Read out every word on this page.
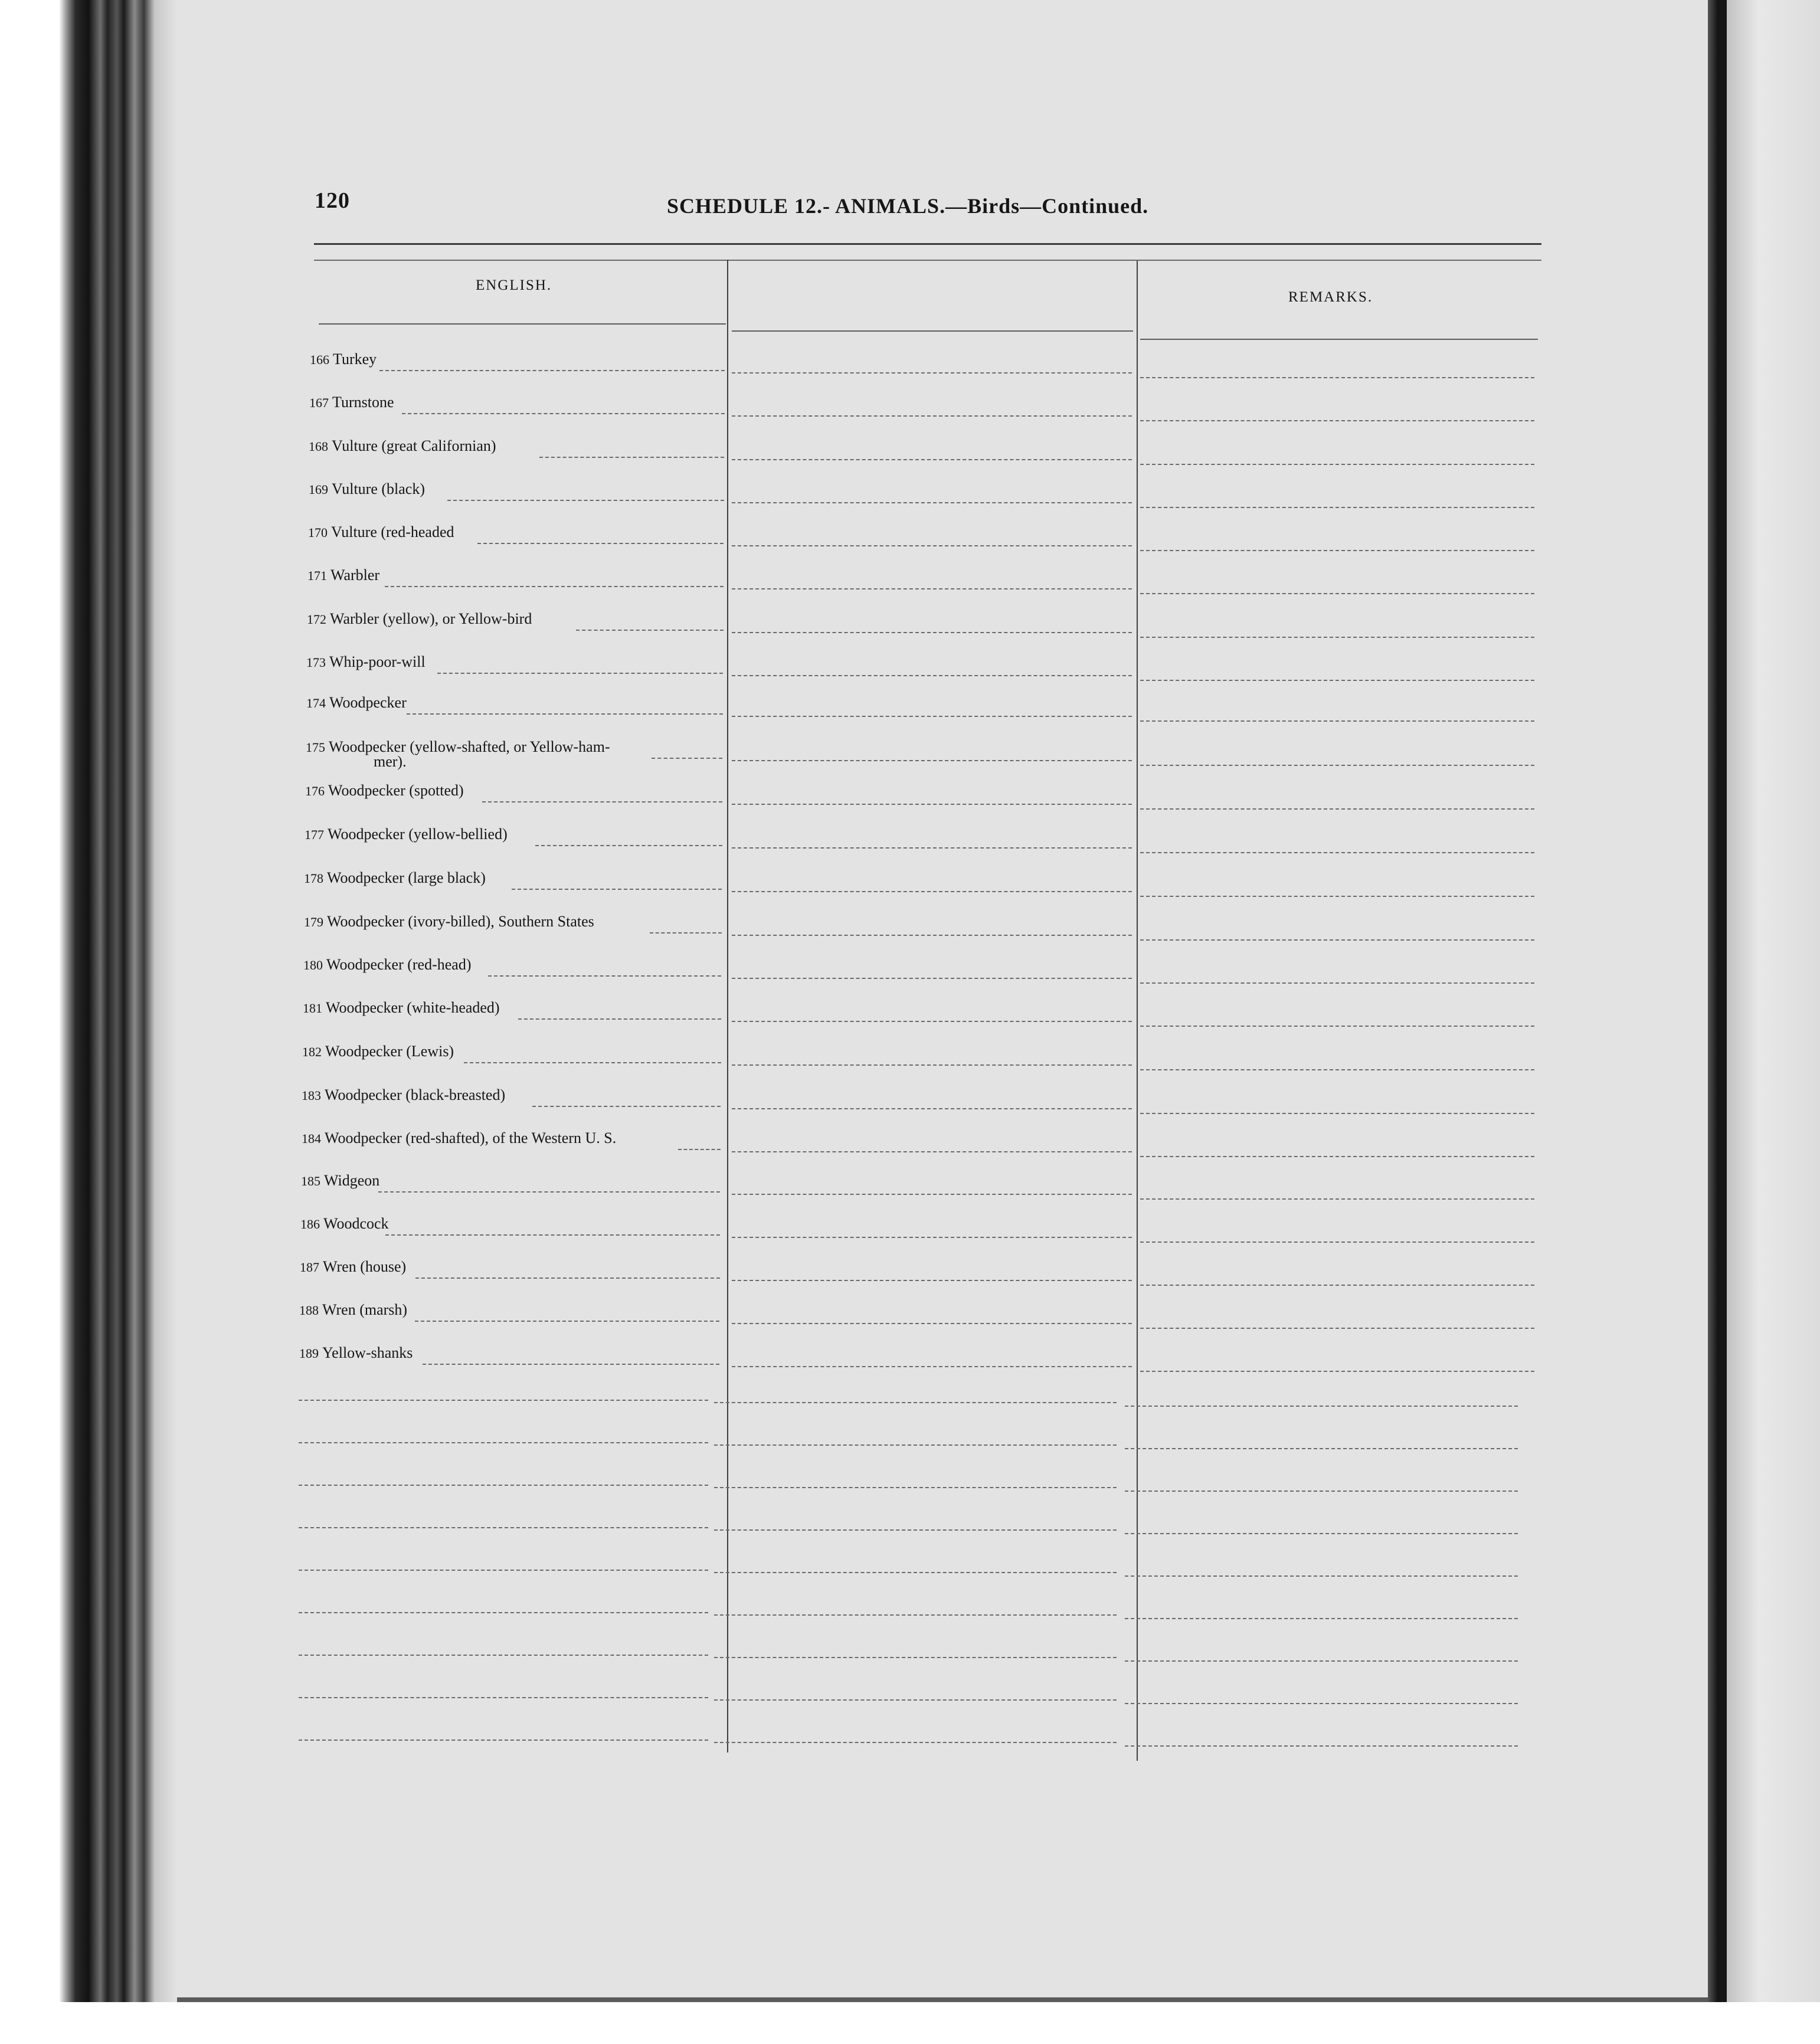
120	SCHEDULE 12.- ANIMALS.—Birds—Continued.
ENGLISH.
REMARKS.
166 Turkey
167 Turnstone
168 Vulture (great Californian)
169 Vulture (black)
170 Vulture (red-headed
171 Warbler
172 Warbler (yellow), or Yellow-bird
173 Whip-poor-will
174 Woodpecker
175 Woodpecker (yellow-shafted, or Yellow-ham-
mer).
176 Woodpecker (spotted)
177 Woodpecker (yellow-bellied)
178 Woodpecker (large black)
179 Woodpecker (ivory-billed), Southern States
180 Woodpecker (red-head)
181 Woodpecker (white-headed)
182 Woodpecker (Lewis)
183 Woodpecker (black-breasted)
184 Woodpecker (red-shafted), of the Western U. S.
185 Widgeon
186 Woodcock
187 Wren (house)
188 Wren (marsh)
189 Yellow-shanks
